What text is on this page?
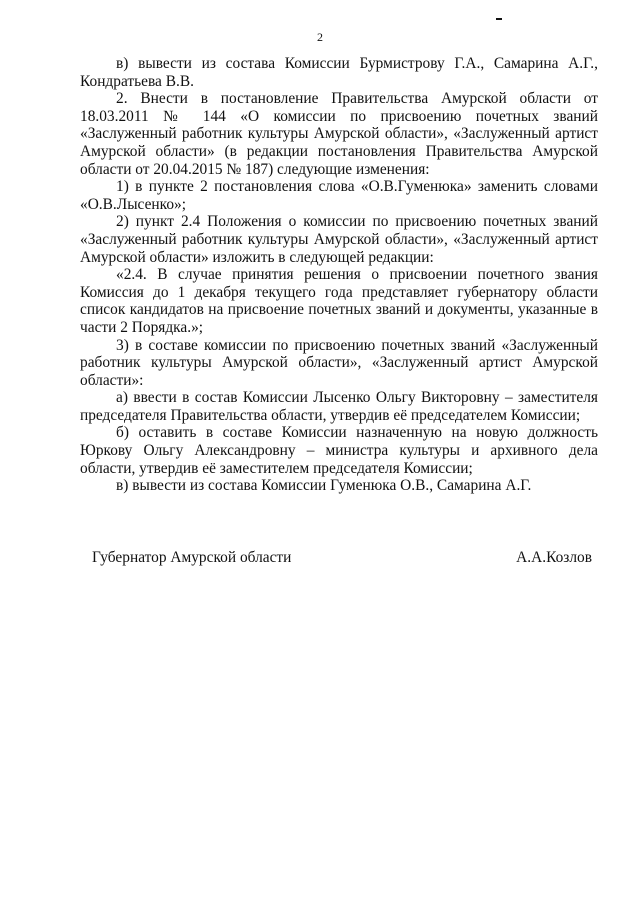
2

в) вывести из состава Комиссии Бурмистрову Г.А., Самарина А.Г., Кондратьева В.В.

2. Внести в постановление Правительства Амурской области от 18.03.2011 № 144 «О комиссии по присвоению почетных званий «Заслуженный работник культуры Амурской области», «Заслуженный артист Амурской области» (в редакции постановления Правительства Амурской области от 20.04.2015 № 187) следующие изменения:

1) в пункте 2 постановления слова «О.В.Гуменюка» заменить словами «О.В.Лысенко»;

2) пункт 2.4 Положения о комиссии по присвоению почетных званий «Заслуженный работник культуры Амурской области», «Заслуженный артист Амурской области» изложить в следующей редакции:

«2.4. В случае принятия решения о присвоении почетного звания Комиссия до 1 декабря текущего года представляет губернатору области список кандидатов на присвоение почетных званий и документы, указанные в части 2 Порядка.»;

3) в составе комиссии по присвоению почетных званий «Заслуженный работник культуры Амурской области», «Заслуженный артист Амурской области»:

а) ввести в состав Комиссии Лысенко Ольгу Викторовну – заместителя председателя Правительства области, утвердив её председателем Комиссии;

б) оставить в составе Комиссии назначенную на новую должность Юркову Ольгу Александровну – министра культуры и архивного дела области, утвердив её заместителем председателя Комиссии;

в) вывести из состава Комиссии Гуменюка О.В., Самарина А.Г.

Губернатор Амурской области	А.А.Козлов
